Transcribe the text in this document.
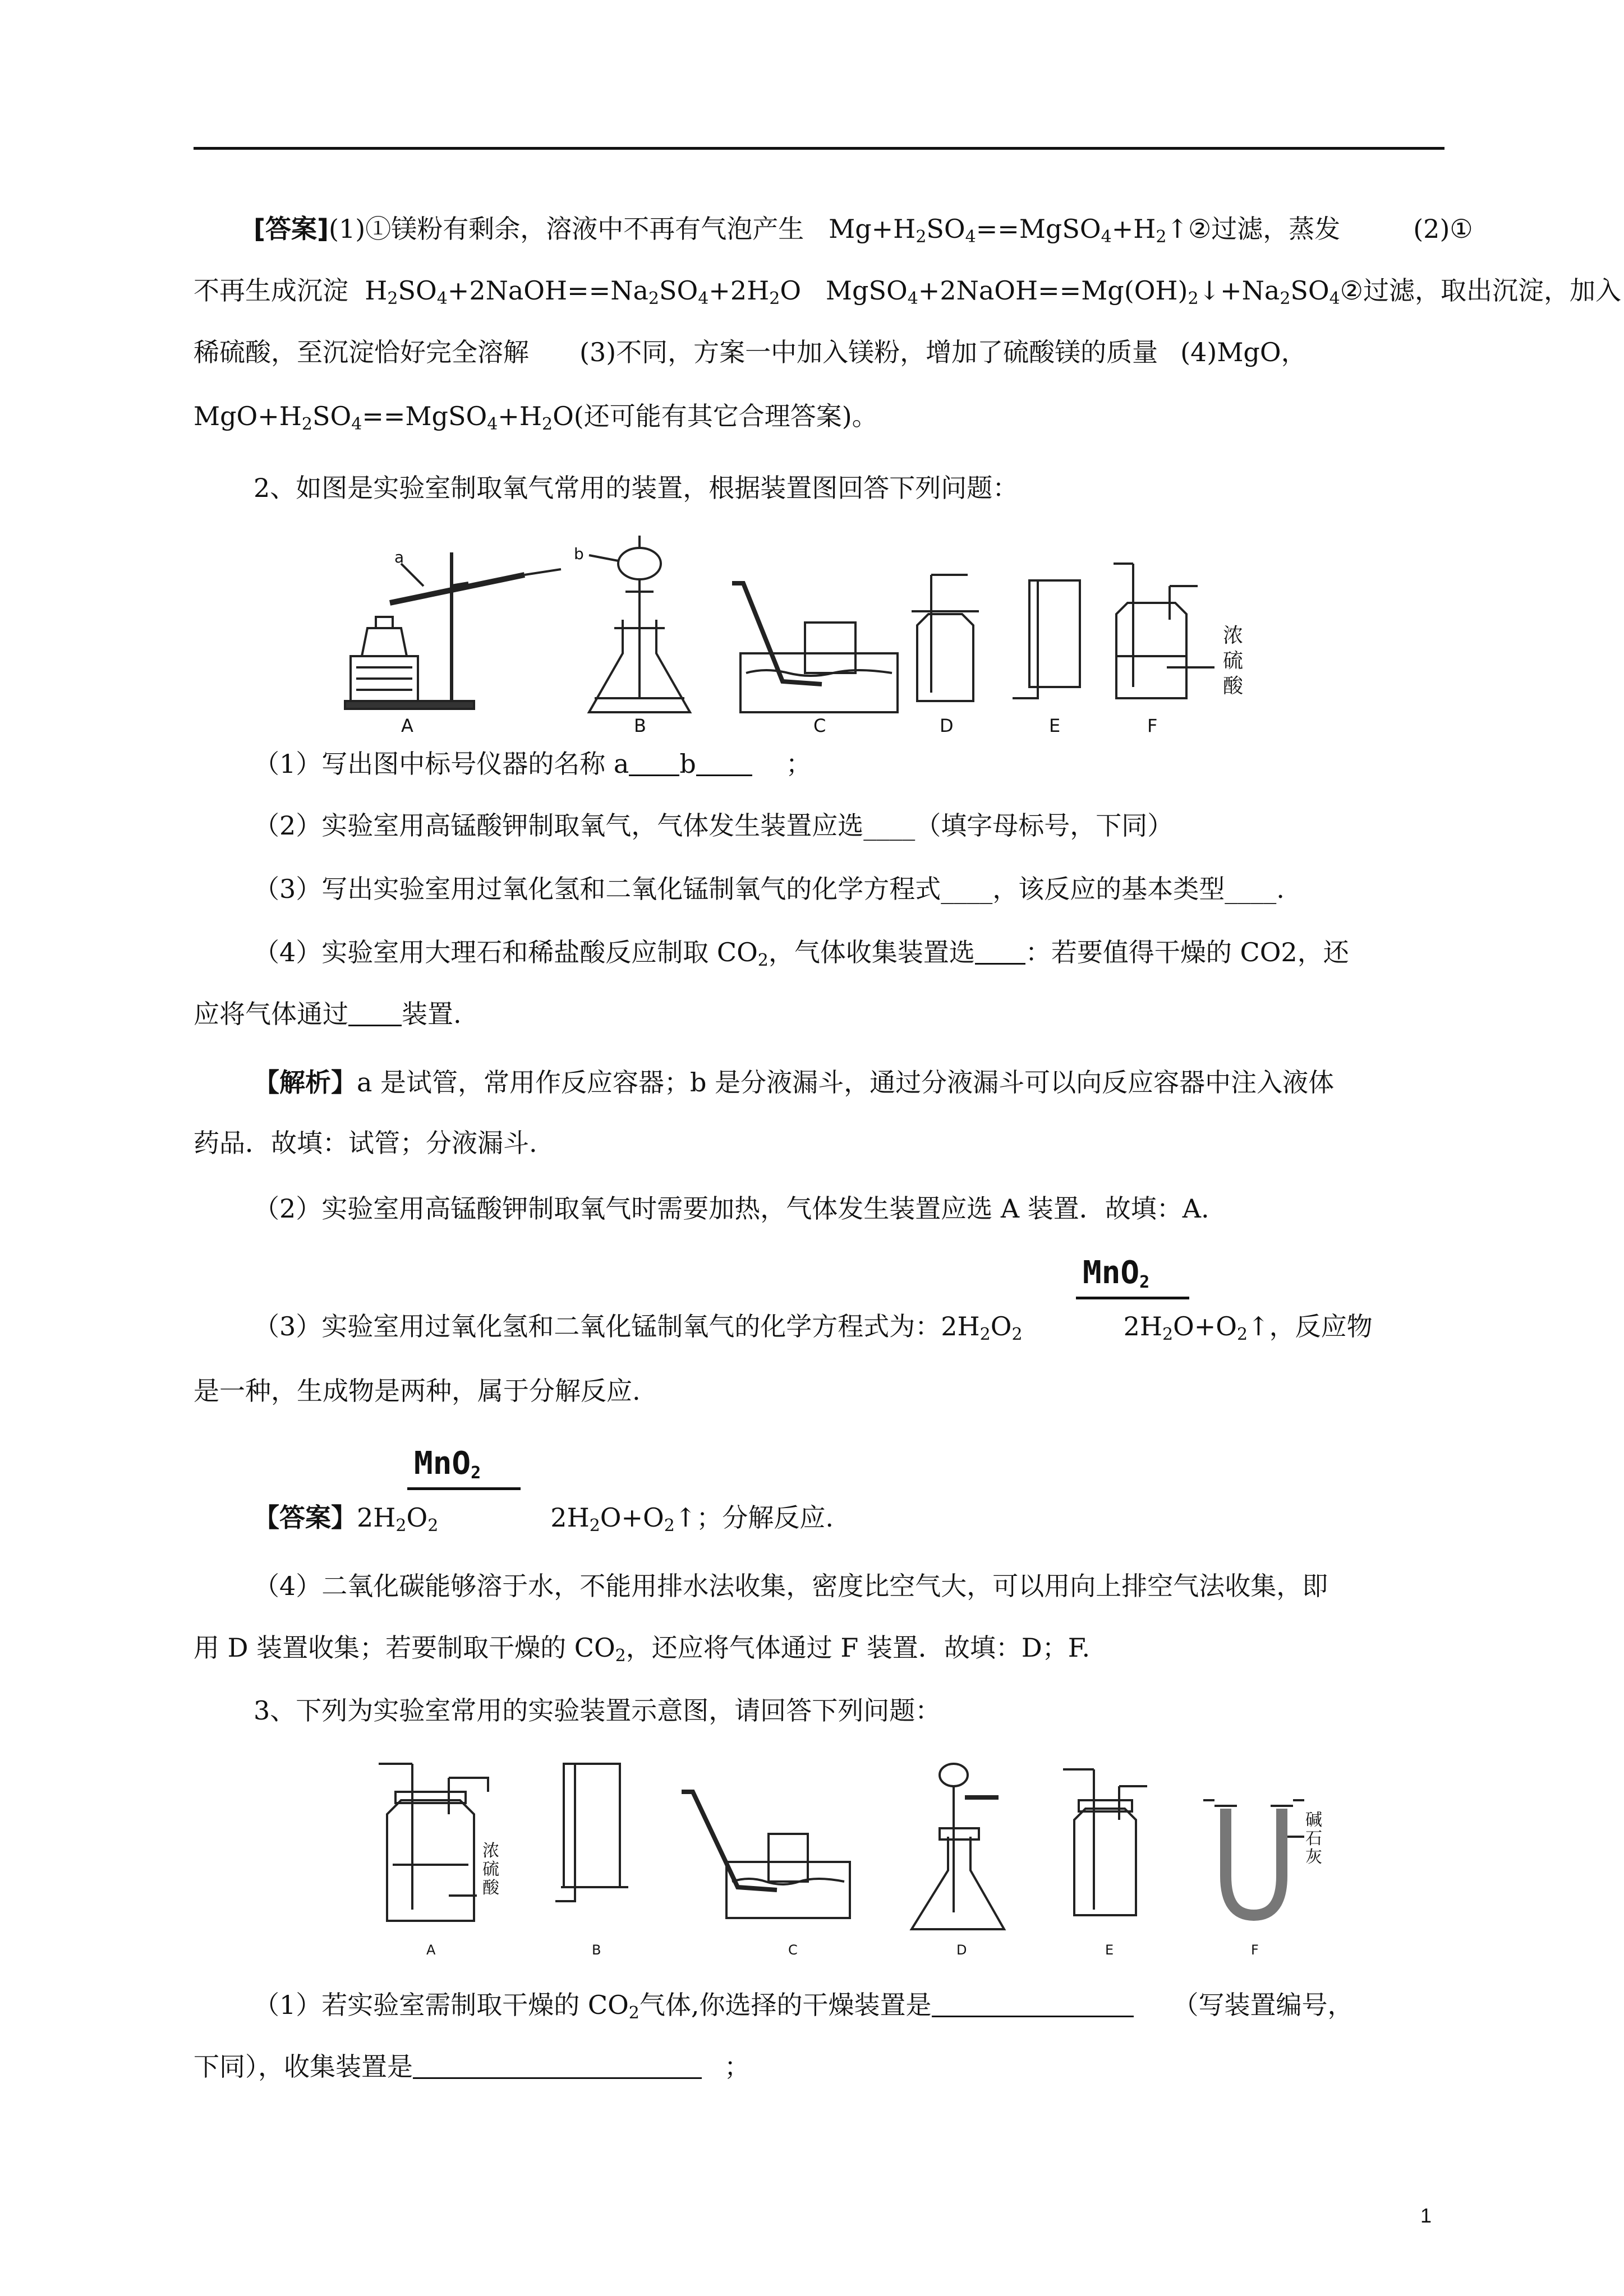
[答案](1)①镁粉有剩余，溶液中不再有气泡产生 $Mg+H_2SO_4==MgSO_4+H_2↑②$过滤，蒸发	(2)①
不再生成沉淀 $H_2SO_4+2NaOH==Na_2SO_4+2H_2O$ $MgSO_4+2NaOH==Mg(OH)_2↓+Na_2SO_4②$过滤，取出沉淀，加入
稀硫酸，至沉淀恰好完全溶解 (3)不同，方案一中加入镁粉，增加了硫酸镁的质量 (4)MgO，
$MgO+H_2SO_4==MgSO_4+H_2O$(还可能有其它合理答案)。
2、如图是实验室制取氧气常用的装置，根据装置图回答下列问题：
a	b
浓
硫
酸
A	B	C	D	E	F
（1）写出图中标号仪器的名称 a b	；
（2）实验室用高锰酸钾制取氧气，气体发生装置应选____（填字母标号，下同）
（3）写出实验室用过氧化氢和二氧化锰制氧气的化学方程式____，该反应的基本类型____.
（4）实验室用大理石和稀盐酸反应制取 $CO_2$，气体收集装置选 ：若要值得干燥的 CO2，还
应将气体通过 装置.
【解析】a 是试管，常用作反应容器；b 是分液漏斗，通过分液漏斗可以向反应容器中注入液体
药品．故填：试管；分液漏斗.
（2）实验室用高锰酸钾制取氧气时需要加热，气体发生装置应选 A 装置．故填：A.
MnO$_2$
（3）实验室用过氧化氢和二氧化锰制氧气的化学方程式为：$2H_2O_2$	$2H_2O+O_2↑$，反应物
是一种，生成物是两种，属于分解反应.
MnO$_2$
【答案】$2H_2O_2$	$2H_2O+O_2↑$；分解反应.
（4）二氧化碳能够溶于水，不能用排水法收集，密度比空气大，可以用向上排空气法收集，即
用 D 装置收集；若要制取干燥的 $CO_2$，还应将气体通过 F 装置．故填：D；F.
3、下列为实验室常用的实验装置示意图，请回答下列问题：
浓
硫
酸
碱
石
灰
A	B	C	D	E	F
（1）若实验室需制取干燥的 $CO_2$气体,你选择的干燥装置是	（写装置编号，
下同），收集装置是	；
1
